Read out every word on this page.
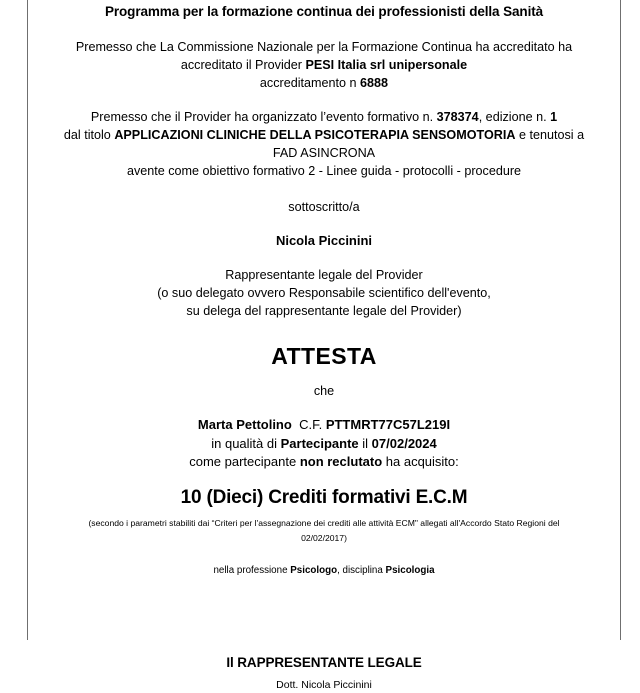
Programma per la formazione continua dei professionisti della Sanità
Premesso che La Commissione Nazionale per la Formazione Continua ha accreditato ha
accreditato il Provider PESI Italia srl unipersonale
accreditamento n 6888
Premesso che il Provider ha organizzato l’evento formativo n. 378374, edizione n. 1
dal titolo APPLICAZIONI CLINICHE DELLA PSICOTERAPIA SENSOMOTORIA e tenutosi a
FAD ASINCRONA
avente come obiettivo formativo 2 - Linee guida - protocolli - procedure
sottoscritto/a
Nicola Piccinini
Rappresentante legale del Provider
(o suo delegato ovvero Responsabile scientifico dell'evento,
su delega del rappresentante legale del Provider)
ATTESTA
che
Marta Pettolino C.F. PTTMRT77C57L219I
in qualità di Partecipante il 07/02/2024
come partecipante non reclutato ha acquisito:
10 (Dieci) Crediti formativi E.C.M
(secondo i parametri stabiliti dai “Criteri per l'assegnazione dei crediti alle attività ECM" allegati all'Accordo Stato Regioni del
02/02/2017)
nella professione Psicologo, disciplina Psicologia
Il RAPPRESENTANTE LEGALE
Dott. Nicola Piccinini
